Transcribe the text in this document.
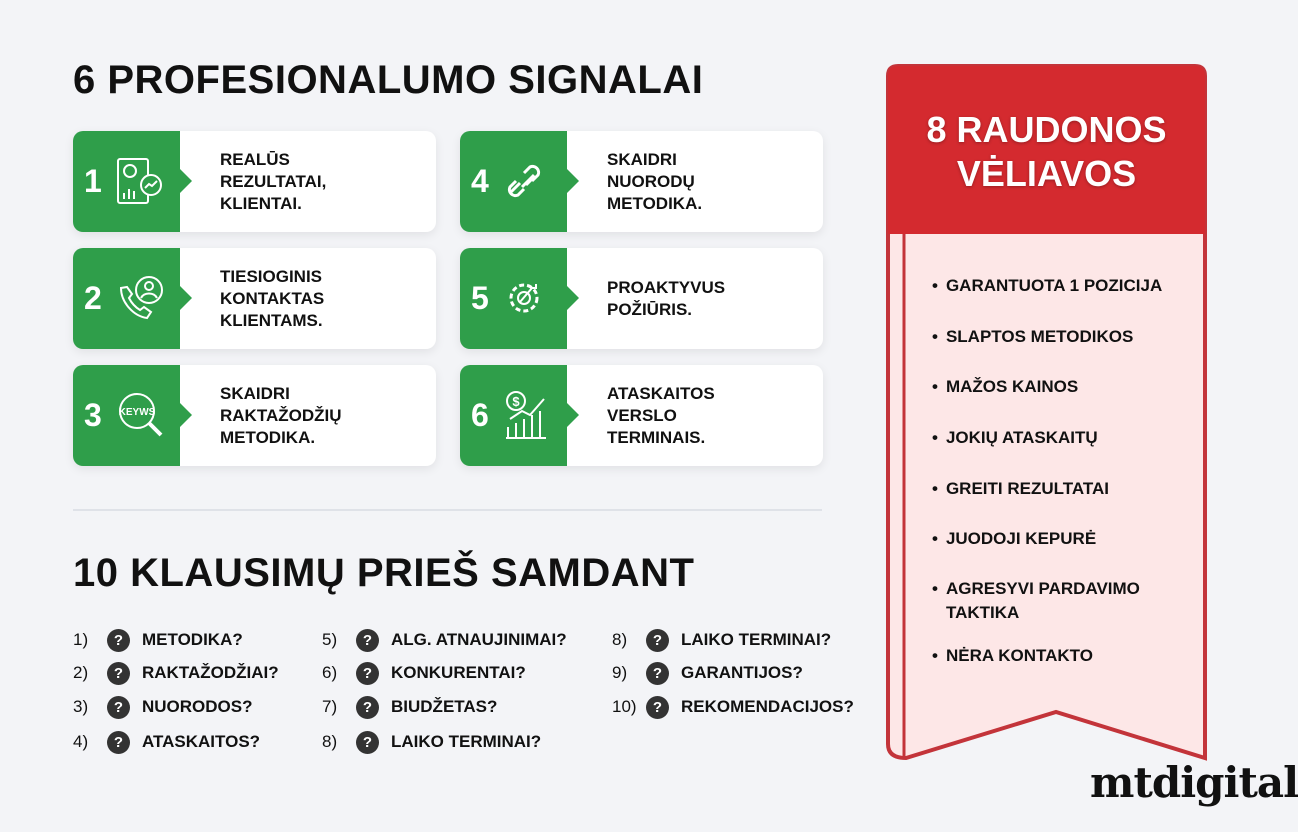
6 PROFESIONALUMO SIGNALAI
1
REALŪS
REZULTATAI,
KLIENTAI.
2
TIESIOGINIS
KONTAKTAS
KLIENTAMS.
3 KEYWS
SKAIDRI
RAKTAŽODŽIŲ
METODIKA.
4
SKAIDRI
NUORODŲ
METODIKA.
5	PROAKTYVUS
POŽIŪRIS.
6 $	ATASKAITOS
VERSLO
TERMINAIS.
10 KLAUSIMŲ PRIEŠ SAMDANT
1)	?	METODIKA?
2)	?	RAKTAŽODŽIAI?
3)	?	NUORODOS?
4)	?	ATASKAITOS?
5)	?	ALG. ATNAUJINIMAI?
6)	?	KONKURENTAI?
7)	?	BIUDŽETAS?
8)	?	LAIKO TERMINAI?
8)	?	LAIKO TERMINAI?
9)	?	GARANTIJOS?
10)	?	REKOMENDACIJOS?
8 RAUDONOS
VĖLIAVOS
• GARANTUOTA 1 POZICIJA
• SLAPTOS METODIKOS
• MAŽOS KAINOS
• JOKIŲ ATASKAITŲ
• GREITI REZULTATAI
• JUODOJI KEPURĖ
• AGRESYVI PARDAVIMO
TAKTIKA
• NĖRA KONTAKTO
mtdigital
